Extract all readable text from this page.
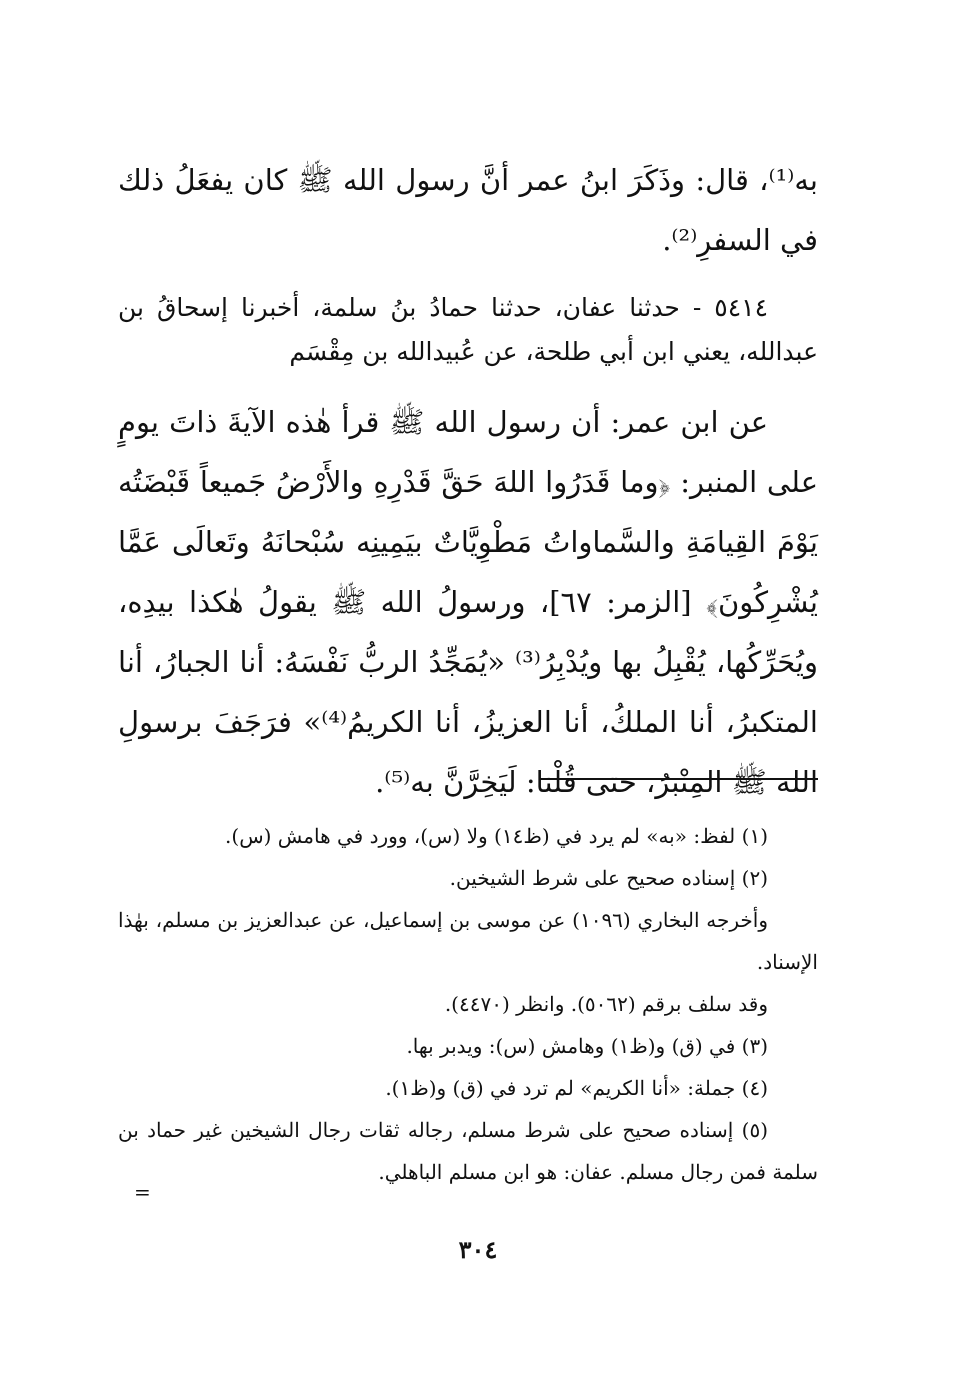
به⁽¹⁾، قال: وذَكَرَ ابنُ عمر أنَّ رسول الله ﷺ كان يفعَلُ ذلك في السفرِ⁽²⁾.

٥٤١٤ - حدثنا عفان، حدثنا حمادُ بنُ سلمة، أخبرنا إسحاقُ بن عبدالله، يعني ابن أبي طلحة، عن عُبيدالله بن مِقْسَم

عن ابن عمر: أن رسول الله ﷺ قرأ هٰذه الآيةَ ذاتَ يومٍ على المنبر: ﴿وما قَدَرُوا اللهَ حَقَّ قَدْرِهِ والأَرْضُ جَميعاً قَبْضَتُه يَوْمَ القِيامَةِ والسَّماواتُ مَطْوِيَّاتٌ بيَمِينِه سُبْحانَهُ وتَعالَى عَمَّا يُشْرِكُونَ﴾ [الزمر: ٦٧]، ورسولُ الله ﷺ يقولُ هٰكذا بيدِه، ويُحَرِّكُها، يُقْبِلُ بها ويُدْبِرُ⁽³⁾ «يُمَجِّدُ الربُّ نَفْسَهُ: أنا الجبارُ، أنا المتكبرُ، أنا الملكُ، أنا العزيزُ، أنا الكريمُ⁽⁴⁾» فرَجَفَ برسولِ الله ﷺ المِنْبرُ، حتى قُلْنا: لَيَخِرَّنَّ به⁽⁵⁾.

(١) لفظ: «به» لم يرد في (ظ١٤) ولا (س)، وورد في هامش (س).

(٢) إسناده صحيح على شرط الشيخين.

وأخرجه البخاري (١٠٩٦) عن موسى بن إسماعيل، عن عبدالعزيز بن مسلم، بهٰذا الإسناد.

وقد سلف برقم (٥٠٦٢). وانظر (٤٤٧٠).

(٣) في (ق) و(ظ١) وهامش (س): ويدبر بها.

(٤) جملة: «أنا الكريم» لم ترد في (ق) و(ظ١).

(٥) إسناده صحيح على شرط مسلم، رجاله ثقات رجال الشيخين غير حماد بن سلمة فمن رجال مسلم. عفان: هو ابن مسلم الباهلي.

=
٣٠٤
